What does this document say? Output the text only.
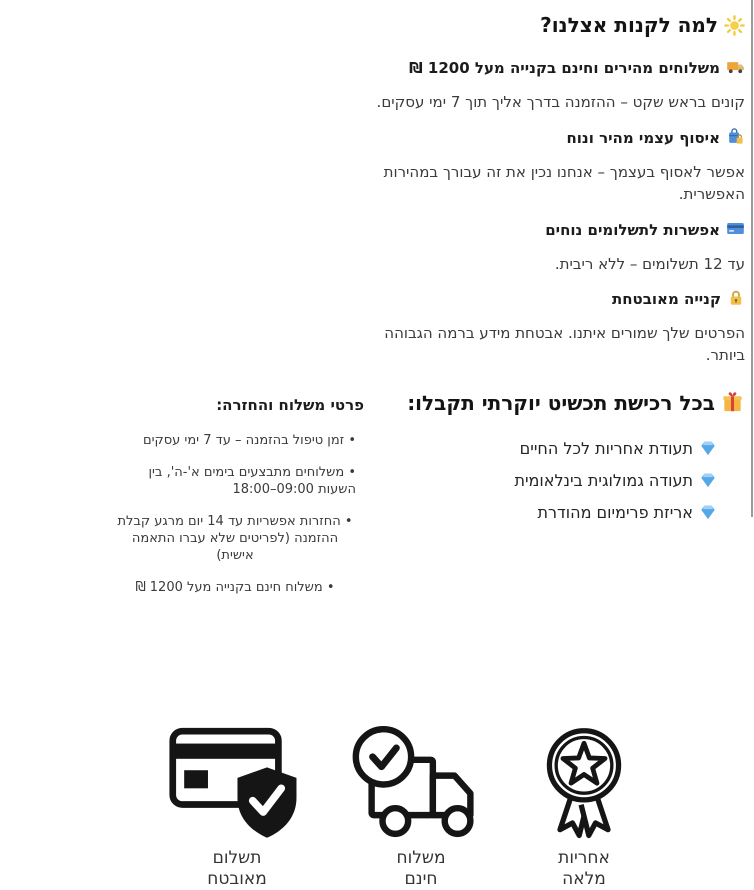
למה לקנות אצלנו?
משלוחים מהירים וחינם בקנייה מעל 1200 ₪
קונים בראש שקט – ההזמנה בדרך אליך תוך 7 ימי עסקים.
איסוף עצמי מהיר ונוח
אפשר לאסוף בעצמך – אנחנו נכין את זה עבורך במהירות האפשרית.
אפשרות לתשלומים נוחים
עד 12 תשלומים – ללא ריבית.
קנייה מאובטחת
הפרטים שלך שמורים איתנו. אבטחת מידע ברמה הגבוהה ביותר.
בכל רכישת תכשיט יוקרתי תקבלו:
תעודת אחריות לכל החיים
תעודה גמולוגית בינלאומית
אריזת פרימיום מהודרת
פרטי משלוח והחזרה:
• זמן טיפול בהזמנה – עד 7 ימי עסקים
• משלוחים מתבצעים בימים א'-ה', בין השעות 09:00–18:00
• החזרות אפשריות עד 14 יום מרגע קבלת ההזמנה (לפריטים שלא עברו התאמה אישית)
• משלוח חינם בקנייה מעל 1200 ₪
תשלום
מאובטח
משלוח
חינם
אחריות
מלאה
